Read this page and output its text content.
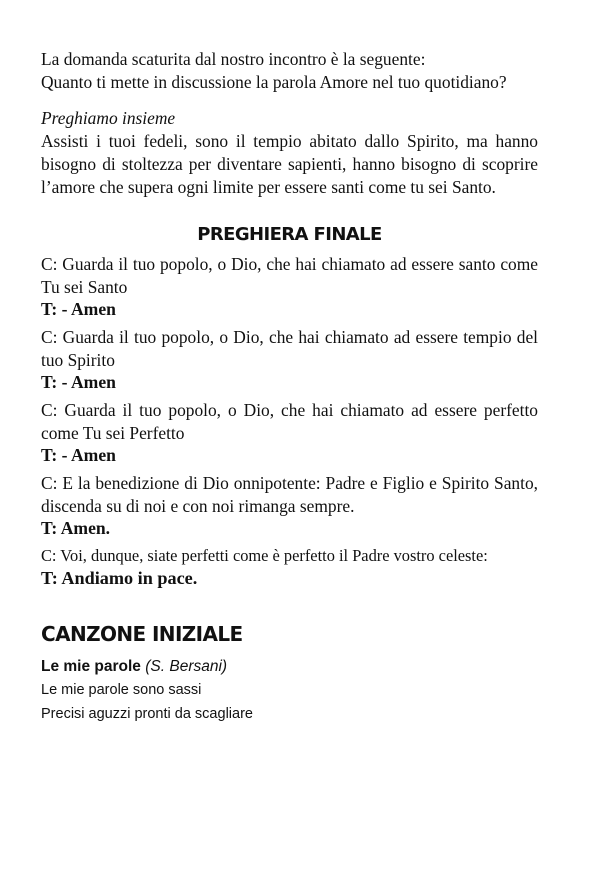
La domanda scaturita dal nostro incontro è la seguente:

Quanto ti mette in discussione la parola Amore nel tuo quotidiano?

Preghiamo insieme

Assisti i tuoi fedeli, sono il tempio abitato dallo Spirito, ma hanno bisogno di stoltezza per diventare sapienti, hanno bisogno di scoprire l’amore che supera ogni limite per essere santi come tu sei Santo.

PREGHIERA FINALE

C: Guarda il tuo popolo, o Dio, che hai chiamato ad essere santo come Tu sei Santo

T: - Amen

C: Guarda il tuo popolo, o Dio, che hai chiamato ad essere tempio del tuo Spirito

T: - Amen

C: Guarda il tuo popolo, o Dio, che hai chiamato ad essere perfetto come Tu sei Perfetto

T: - Amen

C: E la benedizione di Dio onnipotente: Padre e Figlio e Spirito Santo, discenda su di noi e con noi rimanga sempre.

T: Amen.

C: Voi, dunque, siate perfetti come è perfetto il Padre vostro celeste:

T: Andiamo in pace.

CANZONE INIZIALE

Le mie parole (S. Bersani)

Le mie parole sono sassi

Precisi aguzzi pronti da scagliare
